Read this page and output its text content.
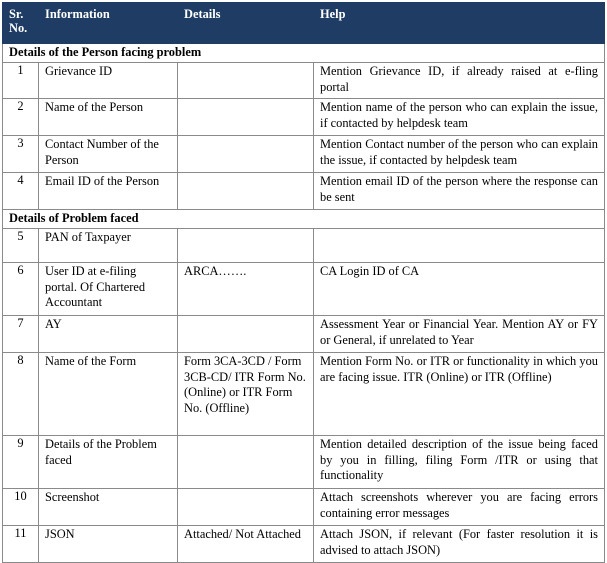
Sr. No.	Information	Details	Help
Details of the Person facing problem			
1	Grievance ID		Mention Grievance ID, if already raised at e-fling portal
2	Name of the Person		Mention name of the person who can explain the issue, if contacted by helpdesk team
3	Contact Number of the Person		Mention Contact number of the person who can explain the issue, if contacted by helpdesk team
4	Email ID of the Person		Mention email ID of the person where the response can be sent
Details of Problem faced			
5	PAN of Taxpayer		
6	User ID at e-filing portal. Of Chartered Accountant	ARCA…….	CA Login ID of CA
7	AY		Assessment Year or Financial Year. Mention AY or FY or General, if unrelated to Year
8	Name of the Form	Form 3CA-3CD / Form 3CB-CD/ ITR Form No. (Online) or ITR Form No. (Offline)	Mention Form No. or ITR or functionality in which you are facing issue. ITR (Online) or ITR (Offline)
9	Details of the Problem faced		Mention detailed description of the issue being faced by you in filling, filing Form /ITR or using that functionality
10	Screenshot		Attach screenshots wherever you are facing errors containing error messages
11	JSON	Attached/ Not Attached	Attach JSON, if relevant (For faster resolution it is advised to attach JSON)
